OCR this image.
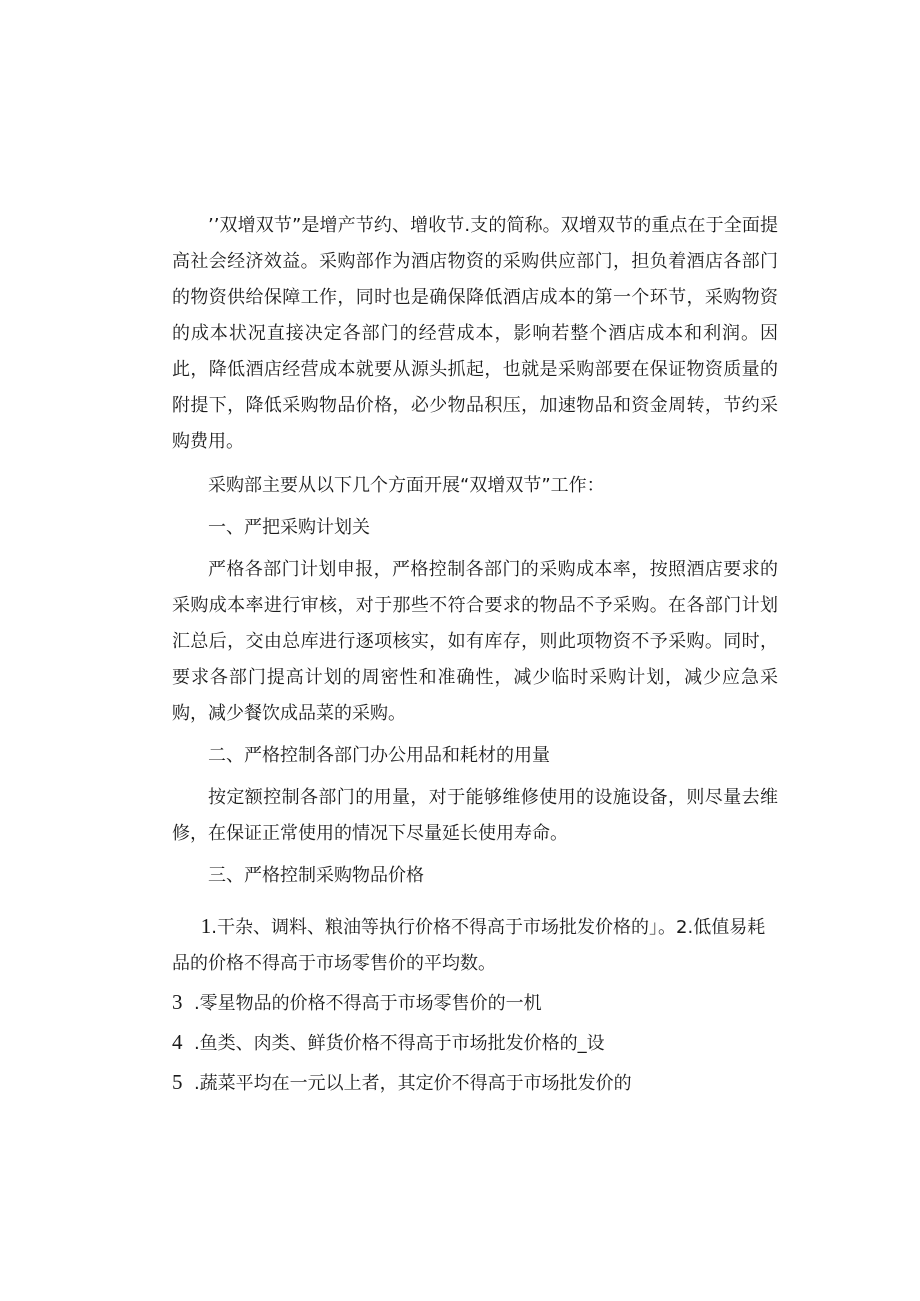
’’双增双节”是增产节约、增收节.支的简称。双增双节的重点在于全面提高社会经济效益。采购部作为酒店物资的采购供应部门，担负着酒店各部门的物资供给保障工作，同时也是确保降低酒店成本的第一个环节，采购物资的成本状况直接决定各部门的经营成本，影响若整个酒店成本和利润。因此，降低酒店经营成本就要从源头抓起，也就是采购部要在保证物资质量的附提下，降低采购物品价格，必少物品积压，加速物品和资金周转，节约采购费用。

采购部主要从以下几个方面开展“双增双节”工作：

一、严把采购计划关

严格各部门计划申报，严格控制各部门的采购成本率，按照酒店要求的采购成本率进行审核，对于那些不符合要求的物品不予采购。在各部门计划汇总后，交由总库进行逐项核实，如有库存，则此项物资不予采购。同时，要求各部门提高计划的周密性和准确性，减少临时采购计划，减少应急采购，减少餐饮成品菜的采购。

二、严格控制各部门办公用品和耗材的用量

按定额控制各部门的用量，对于能够维修使用的设施设备，则尽量去维修，在保证正常使用的情况下尽量延长使用寿命。

三、严格控制采购物品价格

1.干杂、调料、粮油等执行价格不得高于市场批发价格的」。2.低值易耗品的价格不得高于市场零售价的平均数。

3 .零星物品的价格不得高于市场零售价的一机

4 .鱼类、肉类、鲜货价格不得高于市场批发价格的_设

5 .蔬菜平均在一元以上者，其定价不得高于市场批发价的
